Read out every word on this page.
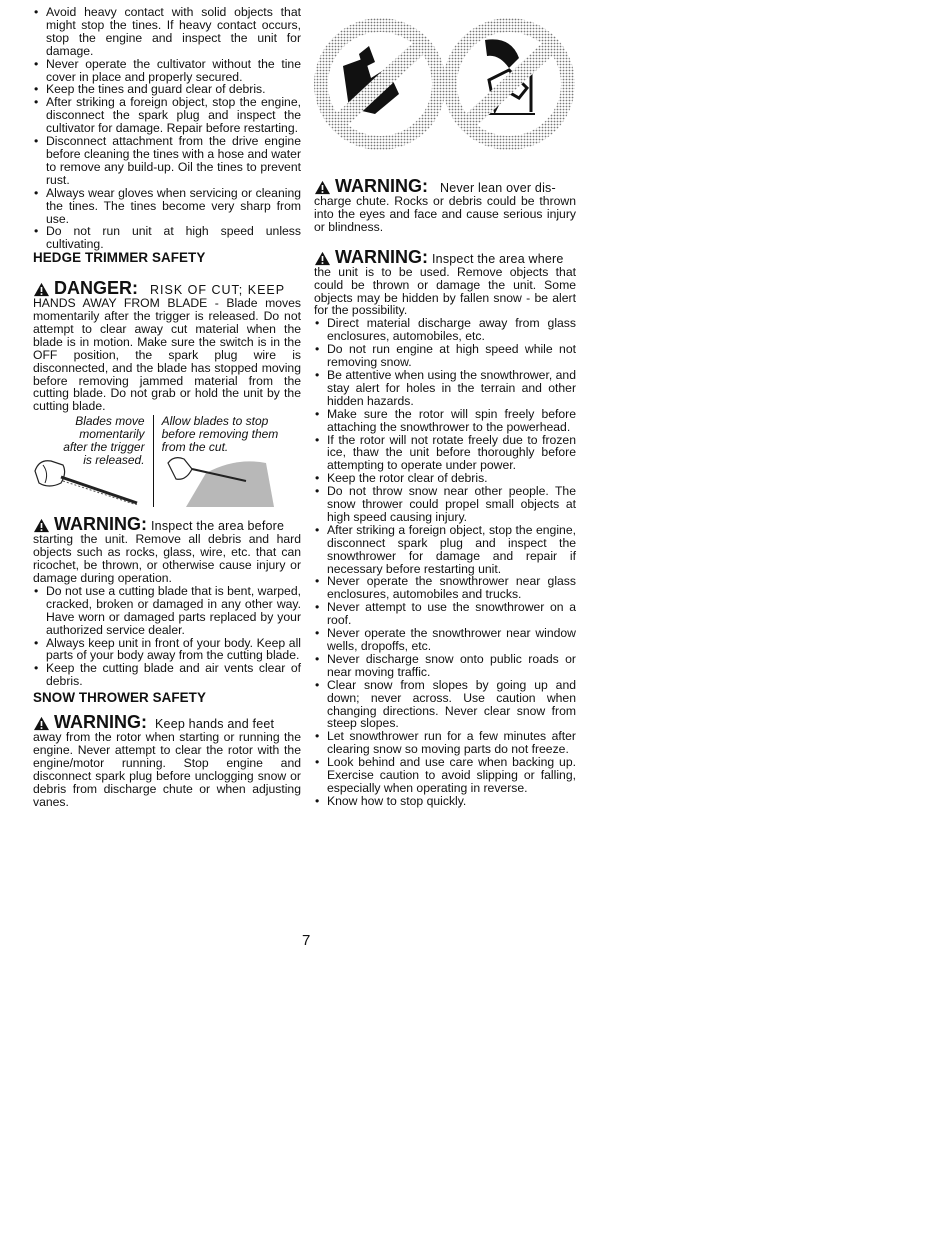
• Avoid heavy contact with solid objects that might stop the tines. If heavy contact occurs, stop the engine and inspect the unit for damage.
• Never operate the cultivator without the tine cover in place and properly secured.
• Keep the tines and guard clear of debris.
• After striking a foreign object, stop the engine, disconnect the spark plug and inspect the cultivator for damage. Repair before restarting.
• Disconnect attachment from the drive engine before cleaning the tines with a hose and water to remove any build-up. Oil the tines to prevent rust.
• Always wear gloves when servicing or cleaning the tines. The tines become very sharp from use.
• Do not run unit at high speed unless cultivating.
HEDGE TRIMMER SAFETY
DANGER: RISK OF CUT; KEEP

HANDS AWAY FROM BLADE - Blade moves momentarily after the trigger is released. Do not attempt to clear away cut material when the blade is in motion. Make sure the switch is in the OFF position, the spark plug wire is disconnected, and the blade has stopped moving before removing jammed material from the cutting blade. Do not grab or hold the unit by the cutting blade.

Blades move momentarily after the trigger is released.
Allow blades to stop before removing them from the cut.
WARNING: Inspect the area before

starting the unit. Remove all debris and hard objects such as rocks, glass, wire, etc. that can ricochet, be thrown, or otherwise cause injury or damage during operation.

• Do not use a cutting blade that is bent, warped, cracked, broken or damaged in any other way. Have worn or damaged parts replaced by your authorized service dealer.
• Always keep unit in front of your body. Keep all parts of your body away from the cutting blade.
• Keep the cutting blade and air vents clear of debris.
SNOW THROWER SAFETY
WARNING: Keep hands and feet

away from the rotor when starting or running the engine. Never attempt to clear the rotor with the engine/motor running. Stop engine and disconnect spark plug before unclogging snow or debris from discharge chute or when adjusting vanes.

WARNING: Never lean over dis-

charge chute. Rocks or debris could be thrown into the eyes and face and cause serious injury or blindness.

WARNING: Inspect the area where

the unit is to be used. Remove objects that could be thrown or damage the unit. Some objects may be hidden by fallen snow - be alert for the possibility.

• Direct material discharge away from glass enclosures, automobiles, etc.
• Do not run engine at high speed while not removing snow.
• Be attentive when using the snowthrower, and stay alert for holes in the terrain and other hidden hazards.
• Make sure the rotor will spin freely before attaching the snowthrower to the powerhead.
• If the rotor will not rotate freely due to frozen ice, thaw the unit before thoroughly before attempting to operate under power.
• Keep the rotor clear of debris.
• Do not throw snow near other people. The snow thrower could propel small objects at high speed causing injury.
• After striking a foreign object, stop the engine, disconnect spark plug and inspect the snowthrower for damage and repair if necessary before restarting unit.
• Never operate the snowthrower near glass enclosures, automobiles and trucks.
• Never attempt to use the snowthrower on a roof.
• Never operate the snowthrower near window wells, dropoffs, etc.
• Never discharge snow onto public roads or near moving traffic.
• Clear snow from slopes by going up and down; never across. Use caution when changing directions. Never clear snow from steep slopes.
• Let snowthrower run for a few minutes after clearing snow so moving parts do not freeze.
• Look behind and use care when backing up. Exercise caution to avoid slipping or falling, especially when operating in reverse.
• Know how to stop quickly.
7
